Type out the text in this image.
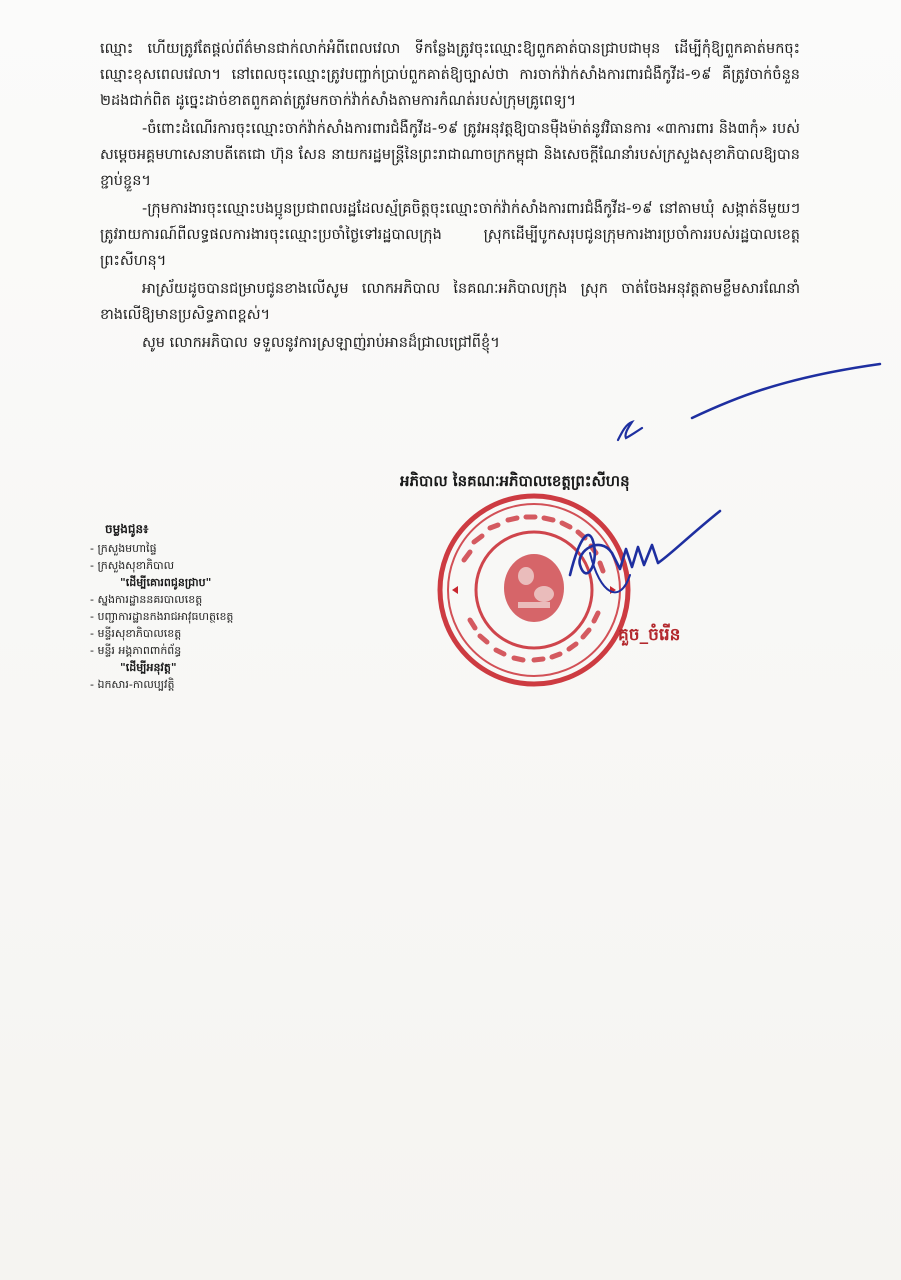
ឈ្មោះ ហើយត្រូវតែផ្ដល់ព័ត៌មានជាក់លាក់អំពីពេលវេលា ទីកន្លែងត្រូវចុះឈ្មោះឱ្យពួកគាត់បានជ្រាបជាមុន ដើម្បីកុំឱ្យពួកគាត់មកចុះឈ្មោះខុសពេលវេលា។ នៅពេលចុះឈ្មោះត្រូវបញ្ជាក់ប្រាប់ពួកគាត់ឱ្យច្បាស់ថា ការចាក់វ៉ាក់សាំងការពារជំងឺកូវីដ-១៩ គឺត្រូវចាក់ចំនួន ២ដងជាក់ពិត ដូច្នេះដាច់ខាតពួកគាត់ត្រូវមកចាក់វ៉ាក់សាំងតាមការកំណត់របស់ក្រុមគ្រូពេទ្យ។

-ចំពោះដំណើរការចុះឈ្មោះចាក់វ៉ាក់សាំងការពារជំងឺកូវីដ-១៩ ត្រូវអនុវត្តឱ្យបានម៉ឺងម៉ាត់នូវវិធានការ «៣ការពារ និង៣កុំ» របស់សម្ដេចអគ្គមហាសេនាបតីតេជោ ហ៊ុន សែន នាយករដ្ឋមន្ត្រីនៃព្រះរាជាណាចក្រកម្ពុជា និងសេចក្ដីណែនាំរបស់ក្រសួងសុខាភិបាលឱ្យបានខ្ជាប់ខ្ជួន។

-ក្រុមការងារចុះឈ្មោះបងប្អូនប្រជាពលរដ្ឋដែលស្ម័គ្រចិត្តចុះឈ្មោះចាក់វ៉ាក់សាំងការពារជំងឺកូវីដ-១៩ នៅតាមឃុំ សង្កាត់នីមួយៗ ត្រូវរាយការណ៍ពីលទ្ធផលការងារចុះឈ្មោះប្រចាំថ្ងៃទៅរដ្ឋបាលក្រុង ស្រុកដើម្បីបូកសរុបជូនក្រុមការងារប្រចាំការរបស់រដ្ឋបាលខេត្តព្រះសីហនុ។

អាស្រ័យដូចបានជម្រាបជូនខាងលើសូម លោកអភិបាល នៃគណៈអភិបាលក្រុង ស្រុក ចាត់ចែងអនុវត្តតាមខ្លឹមសារណែនាំខាងលើឱ្យមានប្រសិទ្ធភាពខ្ពស់។

សូម លោកអភិបាល ទទួលនូវការស្រឡាញ់រាប់អានដ៏ជ្រាលជ្រៅពីខ្ញុំ។

អភិបាល នៃគណៈអភិបាលខេត្តព្រះសីហនុ
ចម្លងជូន៖
- ក្រសួងមហាផ្ទៃ
- ក្រសួងសុខាភិបាល
"ដើម្បីគោរពជូនជ្រាប"
- ស្នងការដ្ឋាននគរបាលខេត្ត
- បញ្ជាការដ្ឋានកងរាជអាវុធហត្ថខេត្ត
- មន្ទីរសុខាភិបាលខេត្ត
- មន្ទីរ អង្គភាពពាក់ព័ន្ធ
"ដើម្បីអនុវត្ត"
- ឯកសារ-កាលប្បវត្តិ
គួច_ចំរើន
